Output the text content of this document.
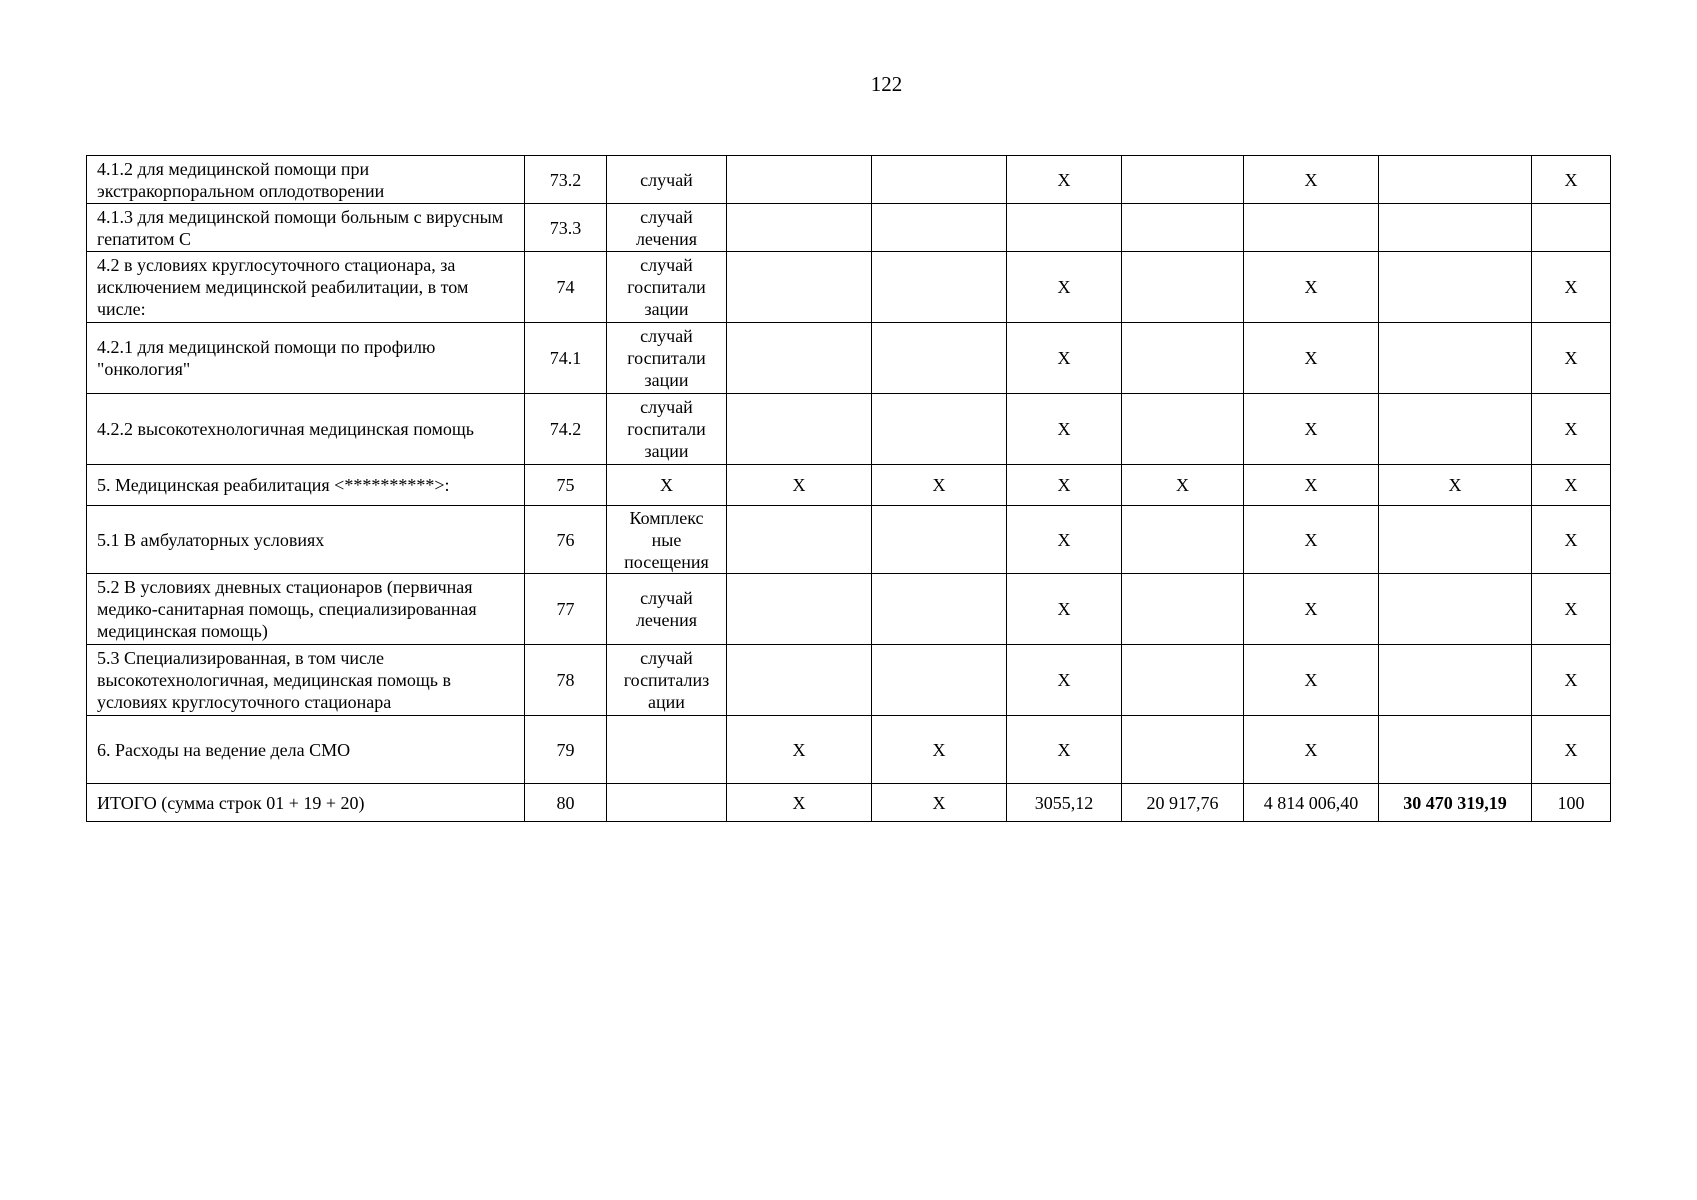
122
4.1.2 для медицинской помощи при экстракорпоральном оплодотворении	73.2	случай			X		X		X
4.1.3 для медицинской помощи больным с вирусным гепатитом С	73.3	случай лечения							
4.2 в условиях круглосуточного стационара, за исключением медицинской реабилитации, в том числе:	74	случай госпитали зации			X		X		X
4.2.1 для медицинской помощи по профилю "онкология"	74.1	случай госпитали зации			X		X		X
4.2.2 высокотехнологичная медицинская помощь	74.2	случай госпитали зации			X		X		X
5. Медицинская реабилитация <**********>:	75	X	X	X	X	X	X	X	X
5.1 В амбулаторных условиях	76	Комплекс ные посещения			X		X		X
5.2 В условиях дневных стационаров (первичная медико-санитарная помощь, специализированная медицинская помощь)	77	случай лечения			X		X		X
5.3 Специализированная, в том числе высокотехнологичная, медицинская помощь в условиях круглосуточного стационара	78	случай госпитализ ации			X		X		X
6. Расходы на ведение дела СМО	79		X	X	X		X		X
ИТОГО (сумма строк 01 + 19 + 20)	80		X	X	3055,12	20 917,76	4 814 006,40	30 470 319,19	100
